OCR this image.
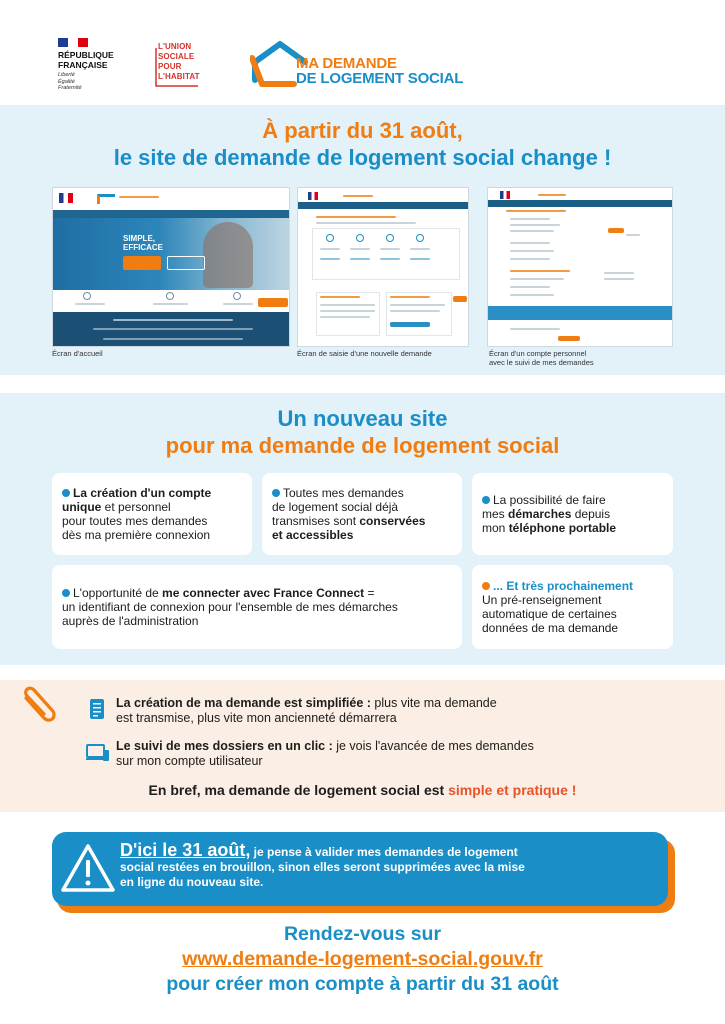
RÉPUBLIQUE
FRANÇAISE
Liberté
Égalité
Fraternité
L'UNION
SOCIALE
POUR
L'HABITAT
MA DEMANDE
DE LOGEMENT SOCIAL
À partir du 31 août,
le site de demande de logement social change !
SIMPLE,
EFFICACE
Écran d'accueil	Écran de saisie d'une nouvelle demande	Écran d'un compte personnel
avec le suivi de mes demandes
Un nouveau site
pour ma demande de logement social
La création d'un compte
unique et personnel
pour toutes mes demandes
dès ma première connexion
Toutes mes demandes
de logement social déjà
transmises sont conservées
et accessibles
La possibilité de faire
mes démarches depuis
mon téléphone portable
L'opportunité de me connecter avec France Connect =
un identifiant de connexion pour l'ensemble de mes démarches
auprès de l'administration
... Et très prochainement
Un pré-renseignement
automatique de certaines
données de ma demande
La création de ma demande est simplifiée : plus vite ma demande
est transmise, plus vite mon ancienneté démarrera
Le suivi de mes dossiers en un clic : je vois l'avancée de mes demandes
sur mon compte utilisateur
En bref, ma demande de logement social est simple et pratique !
D'ici le 31 août, je pense à valider mes demandes de logement
social restées en brouillon, sinon elles seront supprimées avec la mise
en ligne du nouveau site.
Rendez-vous sur
www.demande-logement-social.gouv.fr
pour créer mon compte à partir du 31 août
